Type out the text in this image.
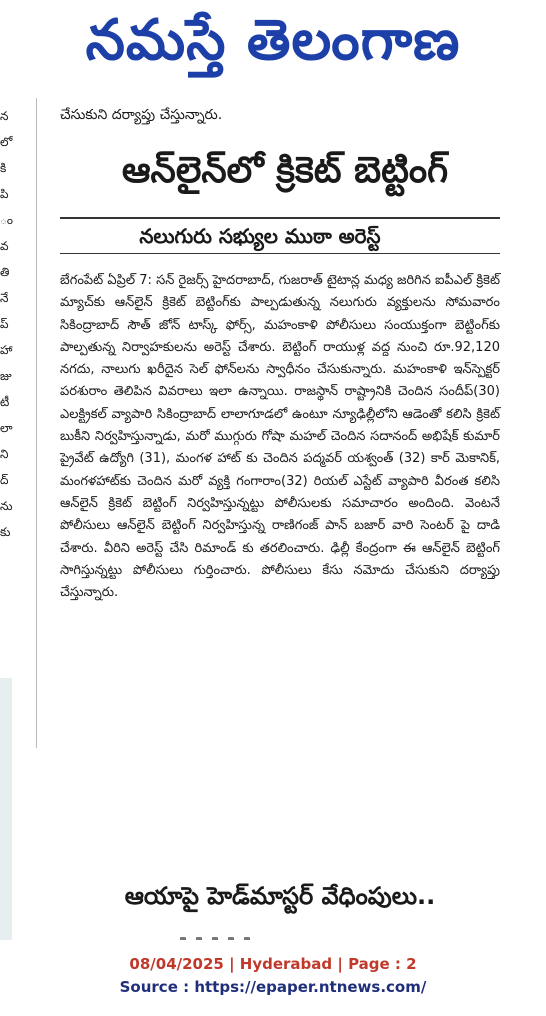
నమస్తే తెలంగాణ
న
లో
కి
పి
ం
వ
తి
నే
ప్
హా
జు
టీ
లా
ని
ద్
ను
కు
చేసుకుని దర్యాప్తు చేస్తున్నారు.
ఆన్‌లైన్‌లో క్రికెట్ బెట్టింగ్
నలుగురు సభ్యుల ముఠా అరెస్ట్

బేగంపేట్ ఏప్రిల్ 7: సన్ రైజర్స్ హైదరాబాద్, గుజరాత్ టైటాన్ల మధ్య జరిగిన ఐపీఎల్ క్రికెట్ మ్యాచ్‌కు ఆన్‌లైన్ క్రికెట్ బెట్టింగ్‌కు పాల్పడుతున్న నలుగురు వ్యక్తులను సోమవారం సికింద్రాబాద్ సౌత్ జోన్ టాస్క్ ఫోర్స్, మహంకాళి పోలీసులు సంయుక్తంగా బెట్టింగ్‌కు పాల్పతున్న నిర్వాహకులను అరెస్ట్ చేశారు. బెట్టింగ్ రాయుళ్ల వద్ద నుంచి రూ.92,120 నగదు, నాలుగు ఖరీదైన సెల్ ఫోన్‌లను స్వాధీనం చేసుకున్నారు. మహంకాళి ఇన్‌స్పెక్టర్ పరశురాం తెలిపిన వివరాలు ఇలా ఉన్నాయి. రాజస్థాన్ రాష్ట్రానికి చెందిన సందీప్(30) ఎలక్ట్రికల్ వ్యాపారి సికింద్రాబాద్ లాలాగూడలో ఉంటూ న్యూఢిల్లీలోని ఆడెంతో కలిసి క్రికెట్ బుకీని నిర్వహిస్తున్నాడు, మరో ముగ్గురు గోషా మహల్ చెందిన సదానంద్ అభిషేక్ కుమార్ ప్రైవేట్ ఉద్యోగి (31), మంగళ హాట్ కు చెందిన పద్మవర్ యశ్వంత్ (32) కార్ మెకానిక్, మంగళహాట్‌కు చెందిన మరో వ్యక్తి గంగారాం(32) రియల్ ఎస్టేట్ వ్యాపారి వీరంత కలిసి ఆన్‌లైన్ క్రికెట్ బెట్టింగ్ నిర్వహిస్తున్నట్టు పోలీసులకు సమాచారం అందింది. వెంటనే పోలీసులు ఆన్‌లైన్ బెట్టింగ్ నిర్వహిస్తున్న రాణిగంజ్ పాన్ బజార్ వారి సెంటర్ పై దాడి చేశారు. వీరిని అరెస్ట్ చేసి రిమాండ్ కు తరలించారు. ఢిల్లీ కేంద్రంగా ఈ ఆన్‌లైన్ బెట్టింగ్ సాగిస్తున్నట్టు పోలీసులు గుర్తించారు. పోలీసులు కేసు నమోదు చేసుకుని దర్యాప్తు చేస్తున్నారు.

ఆయాపై హెడ్‌మాస్టర్ వేధింపులు..
08/04/2025 | Hyderabad | Page : 2
Source : https://epaper.ntnews.com/
